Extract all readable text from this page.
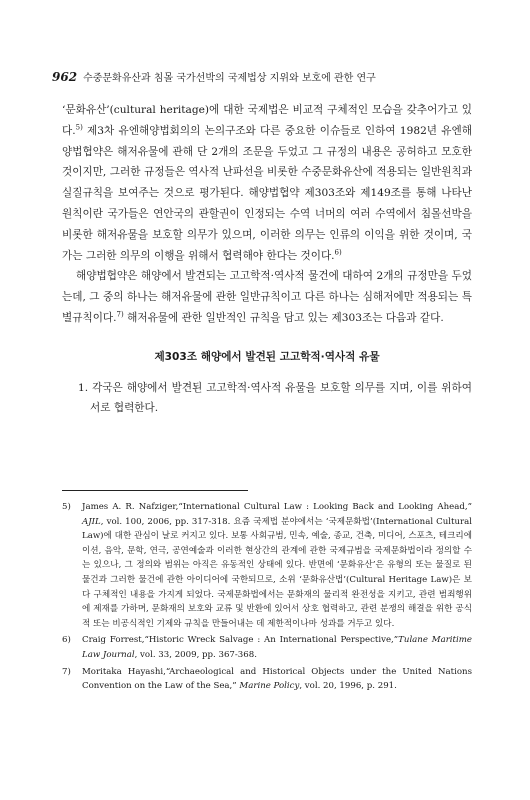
962 수중문화유산과 침몰 국가선박의 국제법상 지위와 보호에 관한 연구

‘문화유산’(cultural heritage)에 대한 국제법은 비교적 구체적인 모습을 갖추어가고 있다.$^{5)}$ 제3차 유엔해양법회의의 논의구조와 다른 중요한 이슈들로 인하여 1982년 유엔해양법협약은 해저유물에 관해 단 2개의 조문을 두었고 그 규정의 내용은 공허하고 모호한 것이지만, 그러한 규정들은 역사적 난파선을 비롯한 수중문화유산에 적용되는 일반원칙과 실질규칙을 보여주는 것으로 평가된다. 해양법협약 제303조와 제149조를 통해 나타난 원칙이란 국가들은 연안국의 관할권이 인정되는 수역 너머의 여러 수역에서 침몰선박을 비롯한 해저유물을 보호할 의무가 있으며, 이러한 의무는 인류의 이익을 위한 것이며, 국가는 그러한 의무의 이행을 위해서 협력해야 한다는 것이다.$^{6)}$

해양법협약은 해양에서 발견되는 고고학적·역사적 물건에 대하여 2개의 규정만을 두었는데, 그 중의 하나는 해저유물에 관한 일반규칙이고 다른 하나는 심해저에만 적용되는 특별규칙이다.$^{7)}$ 해저유물에 관한 일반적인 규칙을 담고 있는 제303조는 다음과 같다.

제303조 해양에서 발견된 고고학적·역사적 유물

1. 각국은 해양에서 발견된 고고학적·역사적 유물을 보호할 의무를 지며, 이를 위하여 서로 협력한다.

5)	James A. R. Nafziger,“International Cultural Law : Looking Back and Looking Ahead,” AJIL, vol. 100, 2006, pp. 317-318. 요즘 국제법 분야에서는 ‘국제문화법’(International Cultural Law)에 대한 관심이 날로 커지고 있다. 보통 사회규범, 민속, 예술, 종교, 건축, 미디어, 스포츠, 테크리에이션, 음악, 문학, 연극, 공연예술과 이러한 현상간의 관계에 관한 국제규범을 국제문화법이라 정의할 수는 있으나, 그 정의와 범위는 아직은 유동적인 상태에 있다. 반면에 ‘문화유산’은 유형의 또는 물질로 된 물건과 그러한 물건에 관한 아이디어에 국한되므로, 소위 ‘문화유산법’(Cultural Heritage Law)은 보다 구체적인 내용을 가지게 되었다. 국제문화법에서는 문화재의 물리적 완전성을 지키고, 관련 범죄행위에 제재를 가하며, 문화재의 보호와 교류 및 반환에 있어서 상호 협력하고, 관련 분쟁의 해결을 위한 공식적 또는 비공식적인 기제와 규칙을 만들어내는 데 제한적이나마 성과를 거두고 있다.
6)	Craig Forrest,“Historic Wreck Salvage : An International Perspective,”Tulane Maritime Law Journal, vol. 33, 2009, pp. 367-368.
7)	Moritaka Hayashi,“Archaeological and Historical Objects under the United Nations Convention on the Law of the Sea,” Marine Policy, vol. 20, 1996, p. 291.
